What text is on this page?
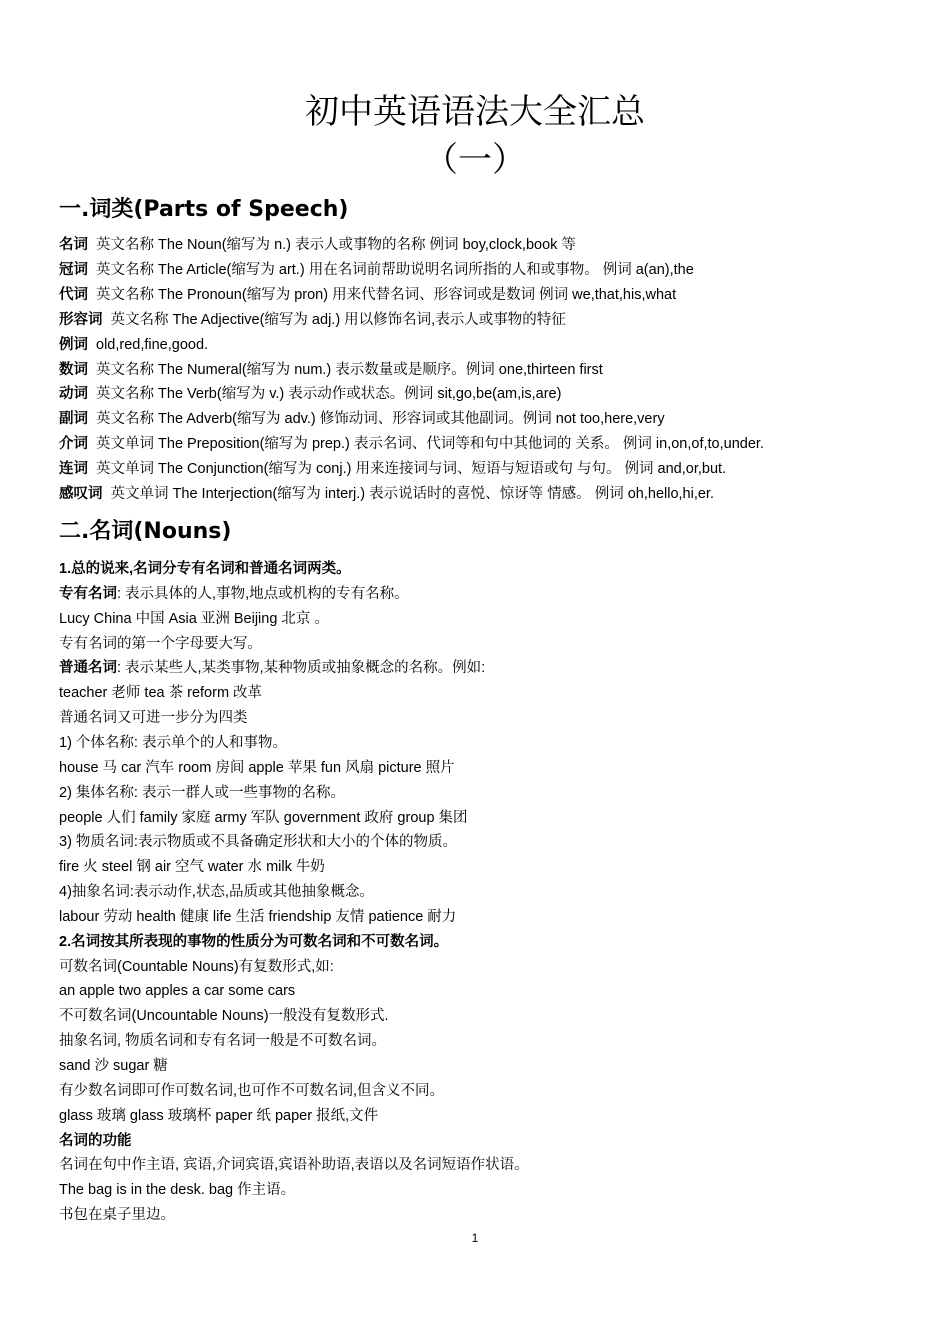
初中英语语法大全汇总
（一）
一.词类(Parts of Speech)
名词 英文名称 The Noun(缩写为 n.) 表示人或事物的名称 例词 boy,clock,book 等
冠词 英文名称 The Article(缩写为 art.) 用在名词前帮助说明名词所指的人和或事物。 例词 a(an),the
代词 英文名称 The Pronoun(缩写为 pron) 用来代替名词、形容词或是数词 例词 we,that,his,what
形容词 英文名称 The Adjective(缩写为 adj.) 用以修饰名词,表示人或事物的特征
例词 old,red,fine,good.
数词 英文名称 The Numeral(缩写为 num.) 表示数量或是顺序。例词 one,thirteen first
动词 英文名称 The Verb(缩写为 v.) 表示动作或状态。例词 sit,go,be(am,is,are)
副词 英文名称 The Adverb(缩写为 adv.) 修饰动词、形容词或其他副词。例词 not too,here,very
介词 英文单词 The Preposition(缩写为 prep.) 表示名词、代词等和句中其他词的 关系。 例词 in,on,of,to,under.
连词 英文单词 The Conjunction(缩写为 conj.) 用来连接词与词、短语与短语或句 与句。 例词 and,or,but.
感叹词 英文单词 The Interjection(缩写为 interj.) 表示说话时的喜悦、惊讶等 情感。 例词 oh,hello,hi,er.
二.名词(Nouns)
1.总的说来,名词分专有名词和普通名词两类。
专有名词: 表示具体的人,事物,地点或机构的专有名称。
Lucy China 中国 Asia 亚洲 Beijing 北京 。
专有名词的第一个字母要大写。
普通名词: 表示某些人,某类事物,某种物质或抽象概念的名称。例如:
teacher 老师 tea 茶 reform 改革
普通名词又可进一步分为四类
1) 个体名称: 表示单个的人和事物。
house 马 car 汽车 room 房间 apple 苹果 fun 风扇 picture 照片
2) 集体名称: 表示一群人或一些事物的名称。
people 人们 family 家庭 army 军队 government 政府 group 集团
3) 物质名词:表示物质或不具备确定形状和大小的个体的物质。
fire 火 steel 钢 air 空气 water 水 milk 牛奶
4)抽象名词:表示动作,状态,品质或其他抽象概念。
labour 劳动 health 健康 life 生活 friendship 友情 patience 耐力
2.名词按其所表现的事物的性质分为可数名词和不可数名词。
可数名词(Countable Nouns)有复数形式,如:
an apple two apples a car some cars
不可数名词(Uncountable Nouns)一般没有复数形式.
抽象名词, 物质名词和专有名词一般是不可数名词。
sand 沙 sugar 糖
有少数名词即可作可数名词,也可作不可数名词,但含义不同。
glass 玻璃 glass 玻璃杯 paper 纸 paper 报纸,文件
名词的功能
名词在句中作主语, 宾语,介词宾语,宾语补助语,表语以及名词短语作状语。
The bag is in the desk. bag 作主语。
书包在桌子里边。
1
